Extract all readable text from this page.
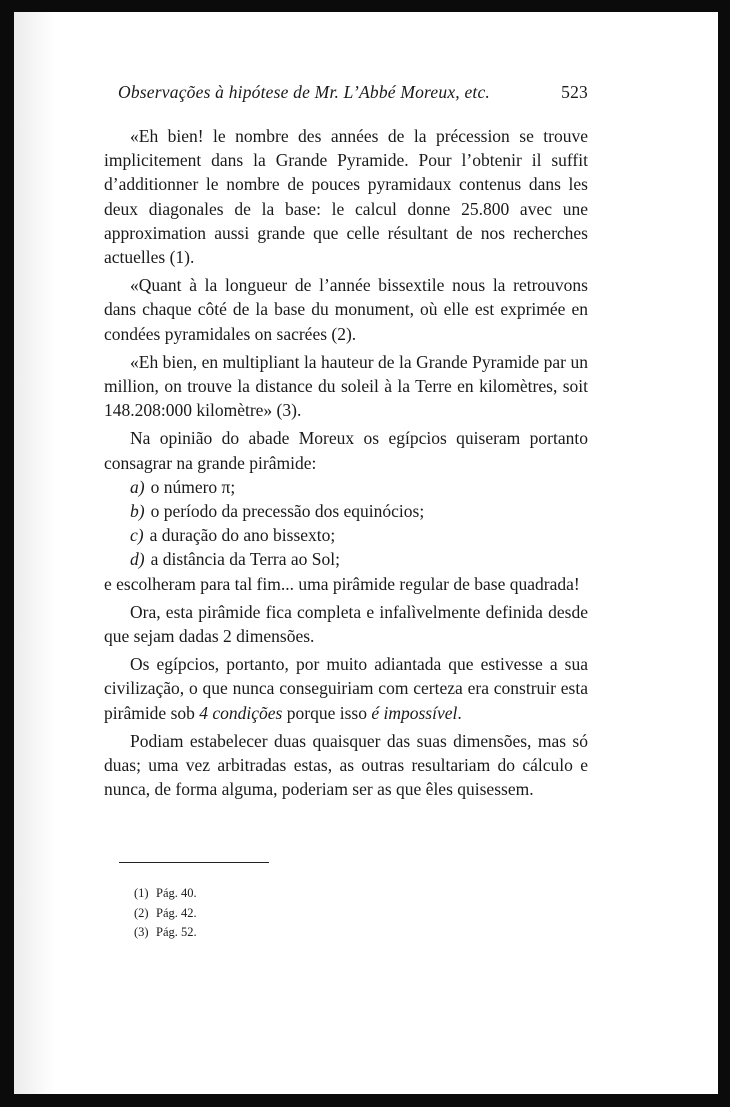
Observações à hipótese de Mr. L’Abbé Moreux, etc.	523

«Eh bien! le nombre des années de la précession se trouve implicitement dans la Grande Pyramide. Pour l’obtenir il suffit d’additionner le nombre de pouces pyramidaux contenus dans les deux diagonales de la base: le calcul donne 25.800 avec une approximation aussi grande que celle résultant de nos recherches actuelles (1).

«Quant à la longueur de l’année bissextile nous la retrouvons dans chaque côté de la base du monument, où elle est exprimée en condées pyramidales on sacrées (2).

«Eh bien, en multipliant la hauteur de la Grande Pyramide par un million, on trouve la distance du soleil à la Terre en kilomètres, soit 148.208:000 kilomètre» (3).

Na opinião do abade Moreux os egípcios quiseram portanto consagrar na grande pirâmide:

a) o número π;
b) o período da precessão dos equinócios;
c) a duração do ano bissexto;
d) a distância da Terra ao Sol;

e escolheram para tal fim... uma pirâmide regular de base quadrada!

Ora, esta pirâmide fica completa e infalìvelmente definida desde que sejam dadas 2 dimensões.

Os egípcios, portanto, por muito adiantada que estivesse a sua civilização, o que nunca conseguiriam com certeza era construir esta pirâmide sob 4 condições porque isso é impossível.

Podiam estabelecer duas quaisquer das suas dimensões, mas só duas; uma vez arbitradas estas, as outras resultariam do cálculo e nunca, de forma alguma, poderiam ser as que êles quisessem.

(1) Pág. 40.
(2) Pág. 42.
(3) Pág. 52.
